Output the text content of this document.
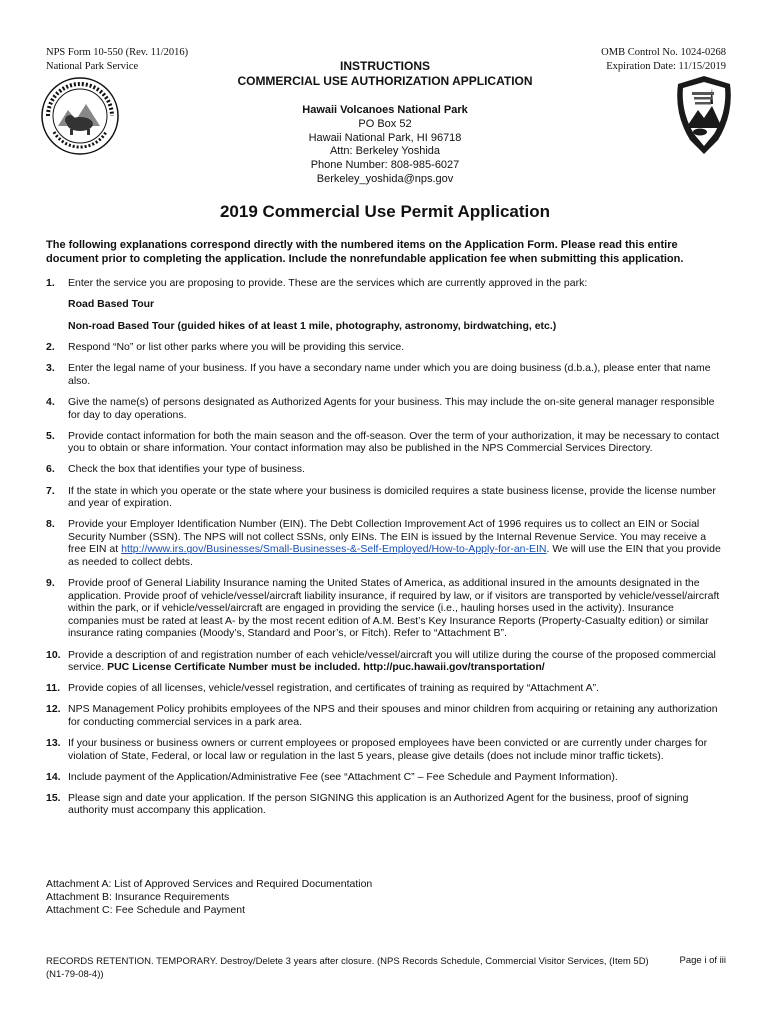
NPS Form 10-550 (Rev. 11/2016)
National Park Service
OMB Control No. 1024-0268
Expiration Date: 11/15/2019
INSTRUCTIONS
COMMERCIAL USE AUTHORIZATION APPLICATION
Hawaii Volcanoes National Park
PO Box 52
Hawaii National Park, HI 96718
Attn: Berkeley Yoshida
Phone Number: 808-985-6027
Berkeley_yoshida@nps.gov
2019 Commercial Use Permit Application
The following explanations correspond directly with the numbered items on the Application Form. Please read this entire document prior to completing the application. Include the nonrefundable application fee when submitting this application.
1.	Enter the service you are proposing to provide. These are the services which are currently approved in the park:
Road Based Tour
Non-road Based Tour (guided hikes of at least 1 mile, photography, astronomy, birdwatching, etc.)
2.	Respond “No” or list other parks where you will be providing this service.
3.	Enter the legal name of your business. If you have a secondary name under which you are doing business (d.b.a.), please enter that name also.
4.	Give the name(s) of persons designated as Authorized Agents for your business. This may include the on-site general manager responsible for day to day operations.
5.	Provide contact information for both the main season and the off-season. Over the term of your authorization, it may be necessary to contact you to obtain or share information. Your contact information may also be published in the NPS Commercial Services Directory.
6.	Check the box that identifies your type of business.
7.	If the state in which you operate or the state where your business is domiciled requires a state business license, provide the license number and year of expiration.
8.	Provide your Employer Identification Number (EIN). The Debt Collection Improvement Act of 1996 requires us to collect an EIN or Social Security Number (SSN). The NPS will not collect SSNs, only EINs. The EIN is issued by the Internal Revenue Service. You may receive a free EIN at http://www.irs.gov/Businesses/Small-Businesses-&-Self-Employed/How-to-Apply-for-an-EIN. We will use the EIN that you provide as needed to collect debts.
9.	Provide proof of General Liability Insurance naming the United States of America, as additional insured in the amounts designated in the application. Provide proof of vehicle/vessel/aircraft liability insurance, if required by law, or if visitors are transported by vehicle/vessel/aircraft within the park, or if vehicle/vessel/aircraft are engaged in providing the service (i.e., hauling horses used in the activity). Insurance companies must be rated at least A- by the most recent edition of A.M. Best’s Key Insurance Reports (Property-Casualty edition) or similar insurance rating companies (Moody’s, Standard and Poor’s, or Fitch). Refer to “Attachment B”.
10. Provide a description of and registration number of each vehicle/vessel/aircraft you will utilize during the course of the proposed commercial service. PUC License Certificate Number must be included. http://puc.hawaii.gov/transportation/
11. Provide copies of all licenses, vehicle/vessel registration, and certificates of training as required by “Attachment A”.
12. NPS Management Policy prohibits employees of the NPS and their spouses and minor children from acquiring or retaining any authorization for conducting commercial services in a park area.
13. If your business or business owners or current employees or proposed employees have been convicted or are currently under charges for violation of State, Federal, or local law or regulation in the last 5 years, please give details (does not include minor traffic tickets).
14. Include payment of the Application/Administrative Fee (see “Attachment C” – Fee Schedule and Payment Information).
15. Please sign and date your application. If the person SIGNING this application is an Authorized Agent for the business, proof of signing authority must accompany this application.
Attachment A: List of Approved Services and Required Documentation
Attachment B: Insurance Requirements
Attachment C: Fee Schedule and Payment
RECORDS RETENTION. TEMPORARY. Destroy/Delete 3 years after closure. (NPS Records Schedule, Commercial Visitor Services, (Item 5D) (N1-79-08-4))
Page i of iii
